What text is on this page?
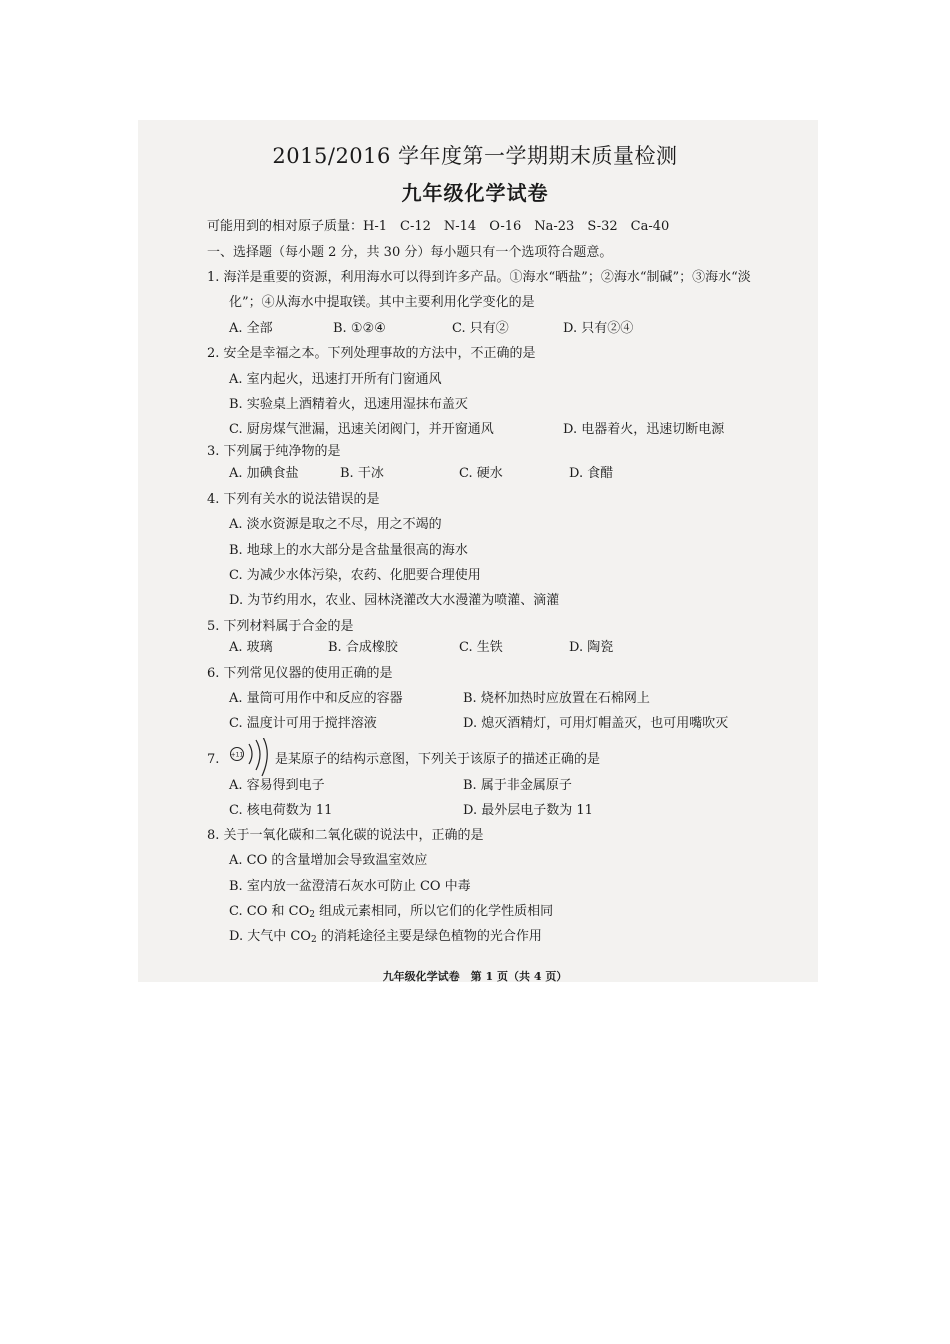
2015/2016 学年度第一学期期末质量检测
九年级化学试卷
可能用到的相对原子质量：H-1　C-12　N-14　O-16　Na-23　S-32　Ca-40
一、选择题（每小题 2 分，共 30 分）每小题只有一个选项符合题意。
1. 海洋是重要的资源，利用海水可以得到许多产品。①海水“晒盐”；②海水“制碱”；③海水“淡
化”；④从海水中提取镁。其中主要利用化学变化的是
A. 全部	B. ①②④	C. 只有②	D. 只有②④
2. 安全是幸福之本。下列处理事故的方法中，不正确的是
A. 室内起火，迅速打开所有门窗通风
B. 实验桌上酒精着火，迅速用湿抹布盖灭
C. 厨房煤气泄漏，迅速关闭阀门，并开窗通风	D. 电器着火，迅速切断电源
3. 下列属于纯净物的是
A. 加碘食盐	B. 干冰	C. 硬水	D. 食醋
4. 下列有关水的说法错误的是
A. 淡水资源是取之不尽，用之不竭的
B. 地球上的水大部分是含盐量很高的海水
C. 为减少水体污染，农药、化肥要合理使用
D. 为节约用水，农业、园林浇灌改大水漫灌为喷灌、滴灌
5. 下列材料属于合金的是
A. 玻璃	B. 合成橡胶	C. 生铁	D. 陶瓷
6. 下列常见仪器的使用正确的是
A. 量筒可用作中和反应的容器	B. 烧杯加热时应放置在石棉网上
C. 温度计可用于搅拌溶液	D. 熄灭酒精灯，可用灯帽盖灭，也可用嘴吹灭
7. +11 是某原子的结构示意图，下列关于该原子的描述正确的是
A. 容易得到电子	B. 属于非金属原子
C. 核电荷数为 11	D. 最外层电子数为 11
8. 关于一氧化碳和二氧化碳的说法中，正确的是
A. CO 的含量增加会导致温室效应
B. 室内放一盆澄清石灰水可防止 CO 中毒
C. CO 和 $CO_2$ 组成元素相同，所以它们的化学性质相同
D. 大气中 $CO_2$ 的消耗途径主要是绿色植物的光合作用
九年级化学试卷　第 1 页（共 4 页）
